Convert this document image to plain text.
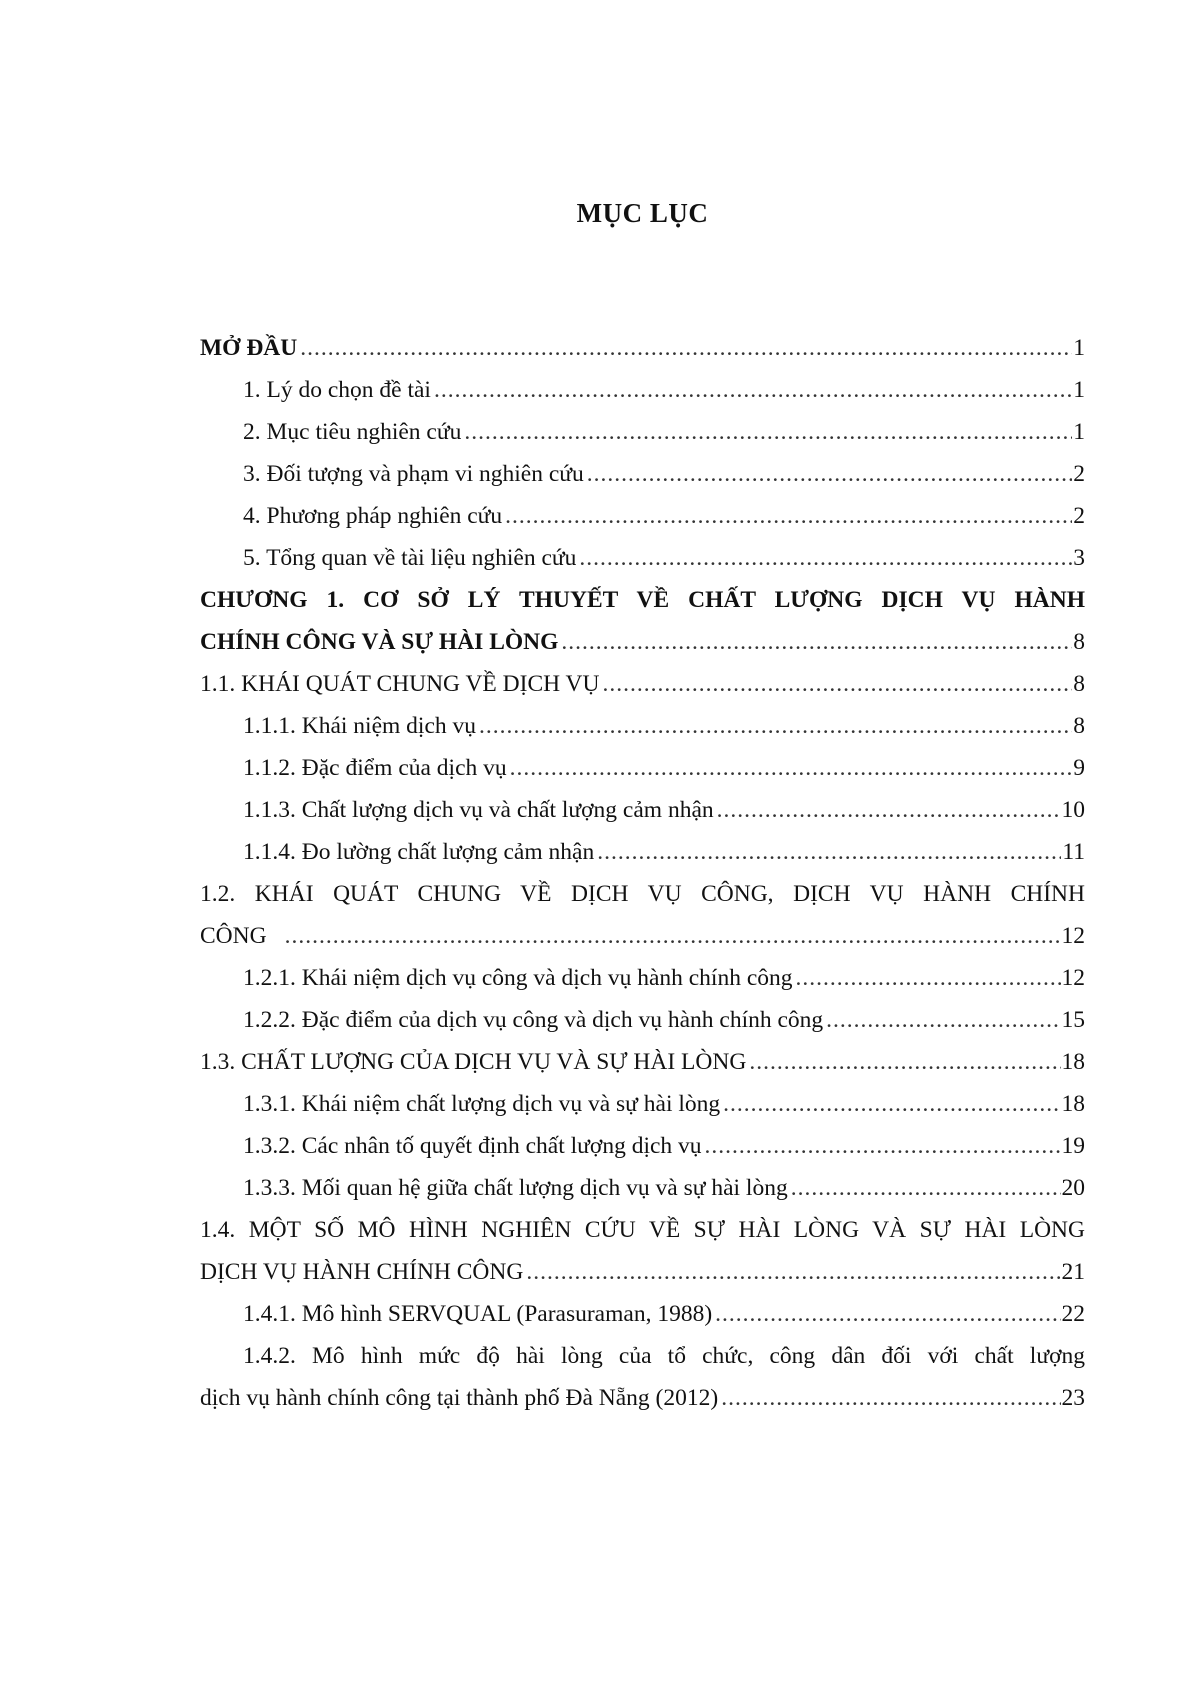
MỤC LỤC
MỞ ĐẦU .....	1
1. Lý do chọn đề tài .....	1
2. Mục tiêu nghiên cứu .....	1
3. Đối tượng và phạm vi nghiên cứu .....	2
4. Phương pháp nghiên cứu .....	2
5. Tổng quan về tài liệu nghiên cứu .....	3
CHƯƠNG 1. CƠ SỞ LÝ THUYẾT VỀ CHẤT LƯỢNG DỊCH VỤ HÀNH
CHÍNH CÔNG VÀ SỰ HÀI LÒNG .....	8
1.1. KHÁI QUÁT CHUNG VỀ DỊCH VỤ .....	8
1.1.1. Khái niệm dịch vụ .....	8
1.1.2. Đặc điểm của dịch vụ .....	9
1.1.3. Chất lượng dịch vụ và chất lượng cảm nhận .....	10
1.1.4. Đo lường chất lượng cảm nhận .....	11
1.2. KHÁI QUÁT CHUNG VỀ DỊCH VỤ CÔNG, DỊCH VỤ HÀNH CHÍNH
CÔNG .....	12
1.2.1. Khái niệm dịch vụ công và dịch vụ hành chính công .....	12
1.2.2. Đặc điểm của dịch vụ công và dịch vụ hành chính công .....	15
1.3. CHẤT LƯỢNG CỦA DỊCH VỤ VÀ SỰ HÀI LÒNG .....	18
1.3.1. Khái niệm chất lượng dịch vụ và sự hài lòng .....	18
1.3.2. Các nhân tố quyết định chất lượng dịch vụ .....	19
1.3.3. Mối quan hệ giữa chất lượng dịch vụ và sự hài lòng .....	20
1.4. MỘT SỐ MÔ HÌNH NGHIÊN CỨU VỀ SỰ HÀI LÒNG VÀ SỰ HÀI LÒNG
DỊCH VỤ HÀNH CHÍNH CÔNG .....	21
1.4.1. Mô hình SERVQUAL (Parasuraman, 1988) .....	22
1.4.2. Mô hình mức độ hài lòng của tổ chức, công dân đối với chất lượng
dịch vụ hành chính công tại thành phố Đà Nẵng (2012) .....	23
